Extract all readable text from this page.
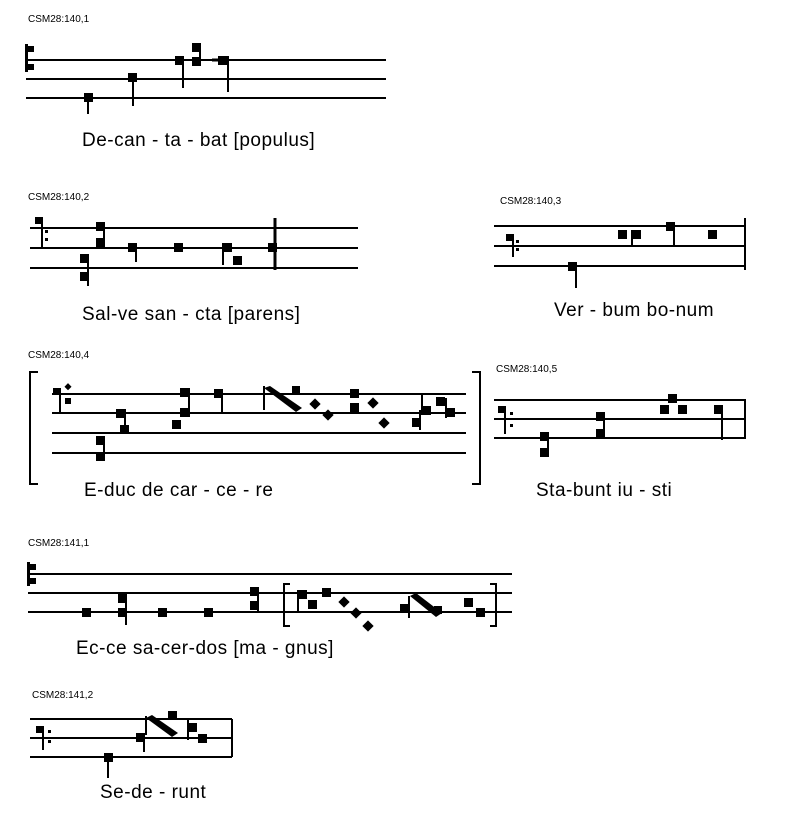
CSM28:140,1
De-can - ta - bat [populus]
CSM28:140,2
Sal-ve san - cta [parens]
CSM28:140,3
Ver - bum bo-num
CSM28:140,4
E-duc de car - ce - re
CSM28:140,5
Sta-bunt iu - sti
CSM28:141,1
Ec-ce sa-cer-dos [ma - gnus]
CSM28:141,2
Se-de - runt
